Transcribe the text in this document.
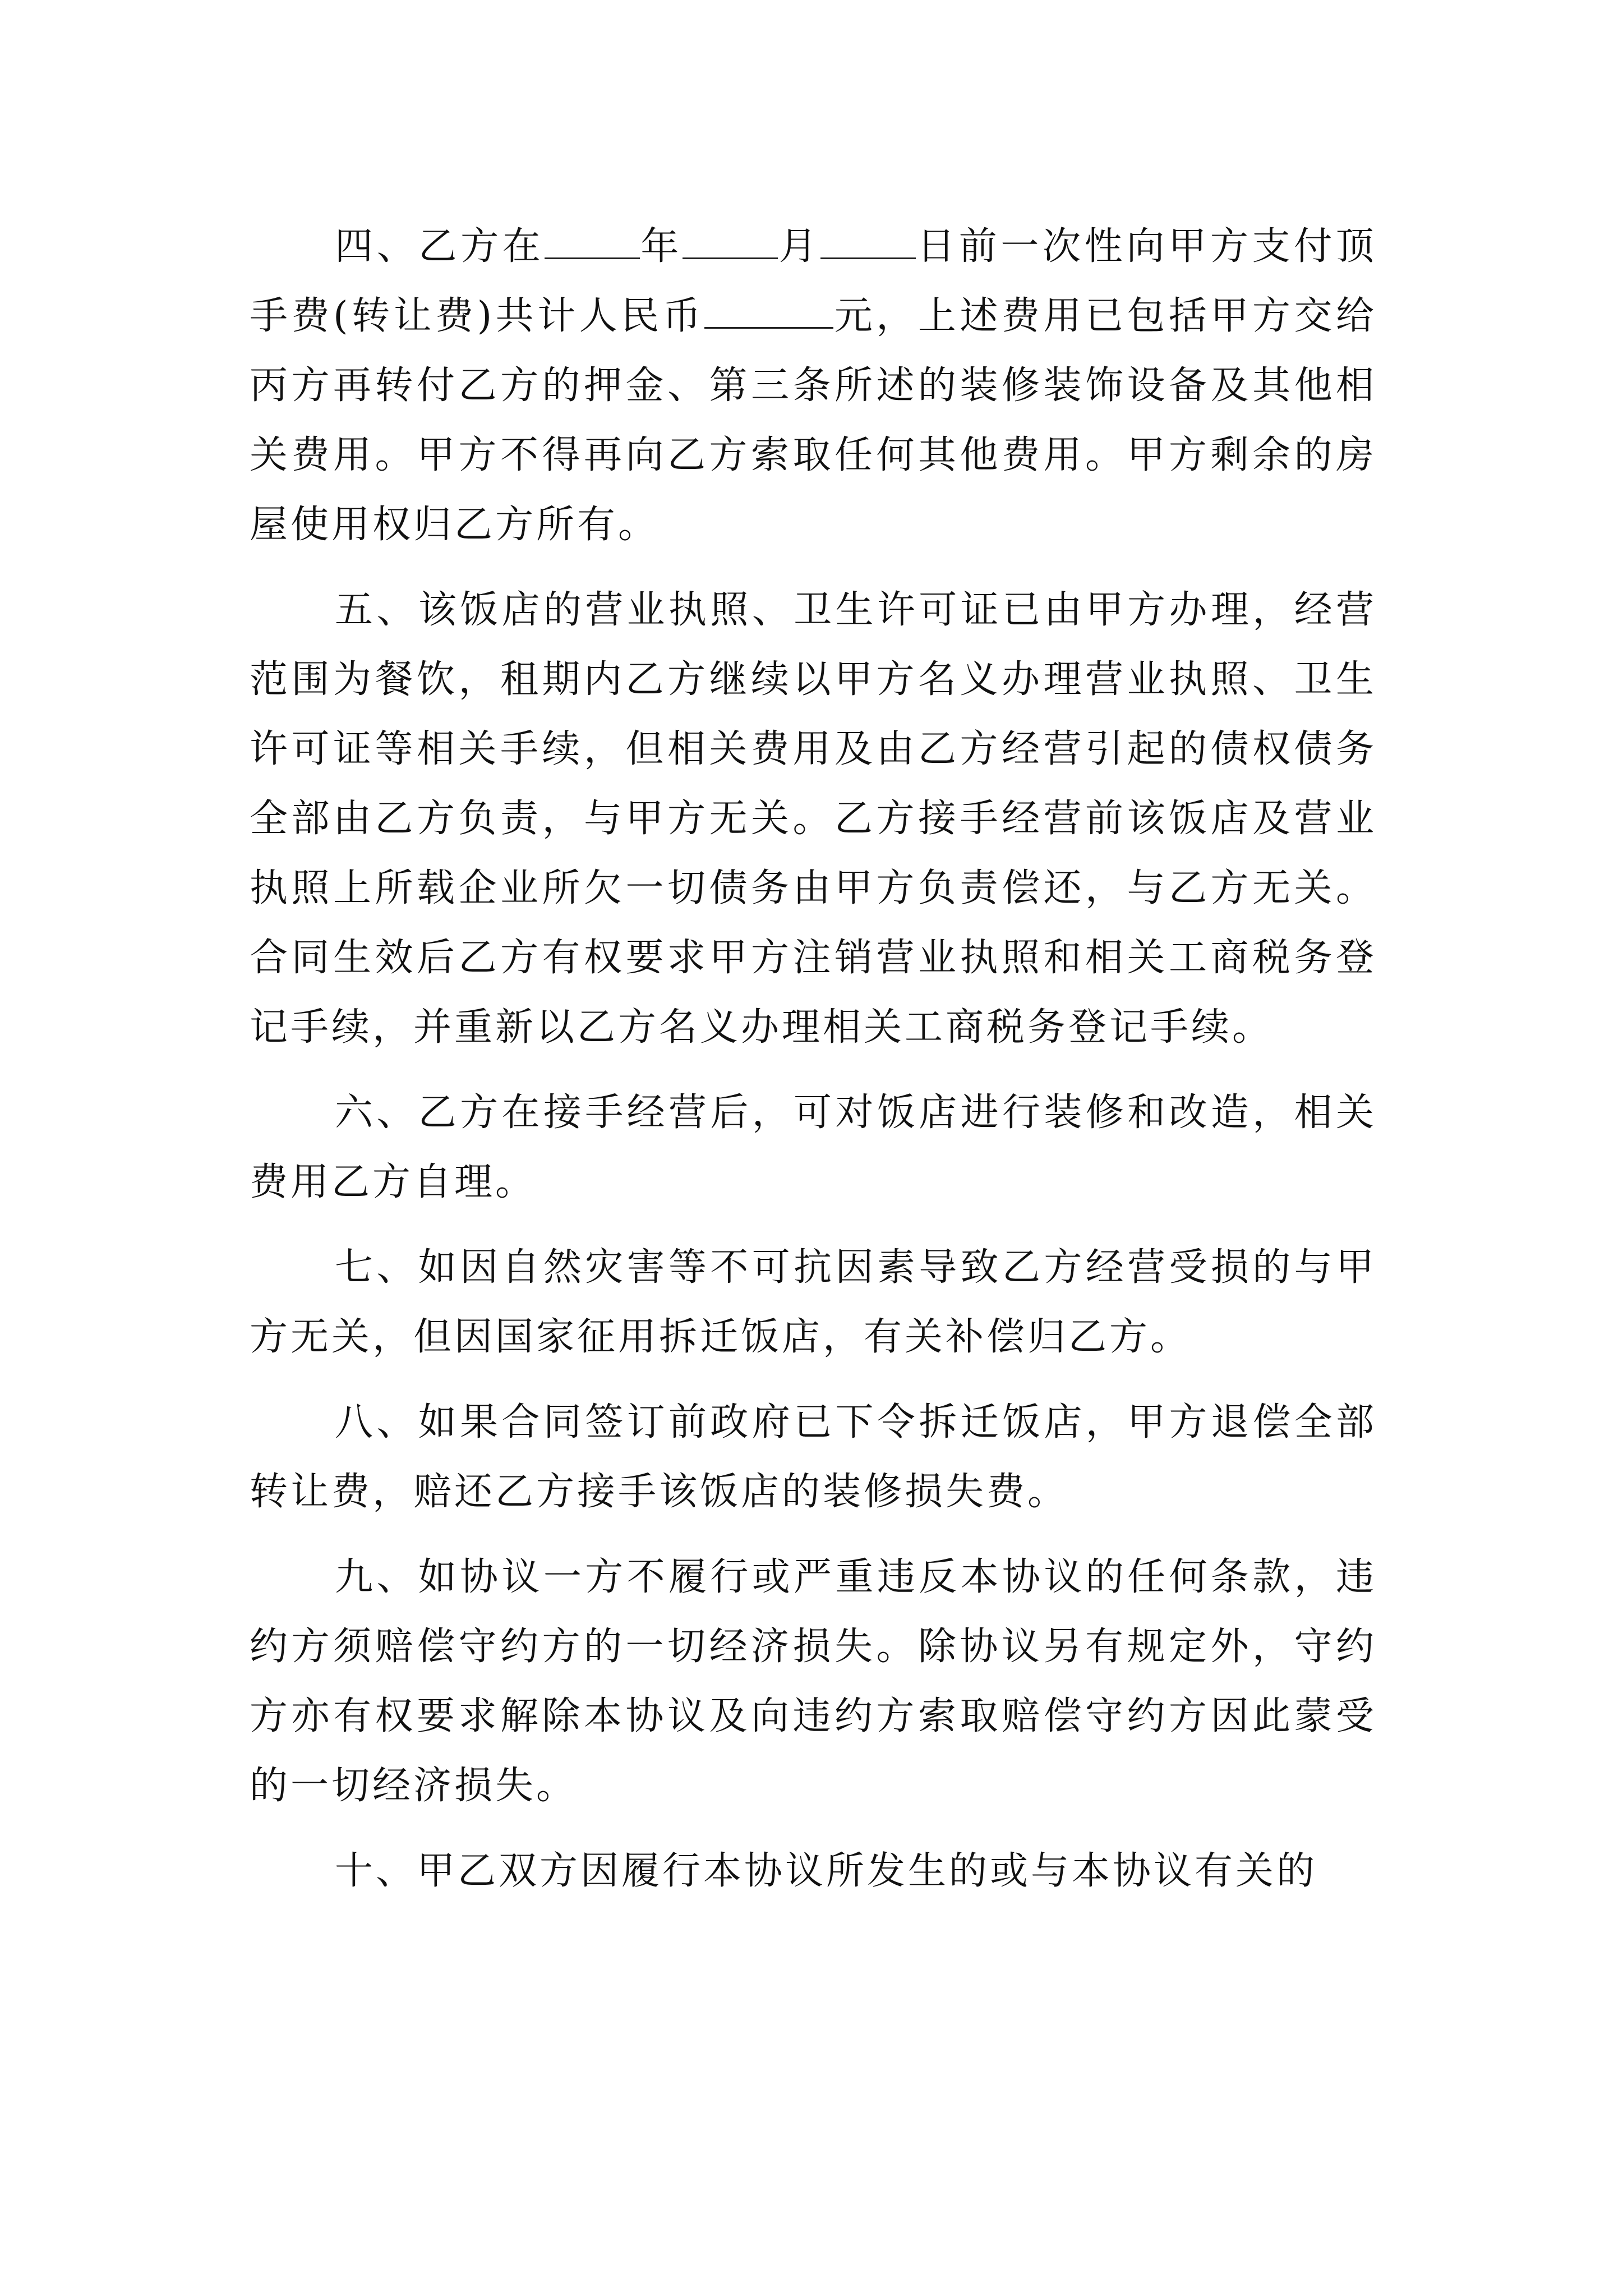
四、乙方在	年	月	日前一次性向甲方支付顶手费(转让费)共计人民币	元，上述费用已包括甲方交给丙方再转付乙方的押金、第三条所述的装修装饰设备及其他相关费用。甲方不得再向乙方索取任何其他费用。甲方剩余的房屋使用权归乙方所有。

五、该饭店的营业执照、卫生许可证已由甲方办理，经营范围为餐饮，租期内乙方继续以甲方名义办理营业执照、卫生许可证等相关手续，但相关费用及由乙方经营引起的债权债务全部由乙方负责，与甲方无关。乙方接手经营前该饭店及营业执照上所载企业所欠一切债务由甲方负责偿还，与乙方无关。合同生效后乙方有权要求甲方注销营业执照和相关工商税务登记手续，并重新以乙方名义办理相关工商税务登记手续。

六、乙方在接手经营后，可对饭店进行装修和改造，相关费用乙方自理。

七、如因自然灾害等不可抗因素导致乙方经营受损的与甲方无关，但因国家征用拆迁饭店，有关补偿归乙方。

八、如果合同签订前政府已下令拆迁饭店，甲方退偿全部转让费，赔还乙方接手该饭店的装修损失费。

九、如协议一方不履行或严重违反本协议的任何条款，违约方须赔偿守约方的一切经济损失。除协议另有规定外，守约方亦有权要求解除本协议及向违约方索取赔偿守约方因此蒙受的一切经济损失。

十、甲乙双方因履行本协议所发生的或与本协议有关的
